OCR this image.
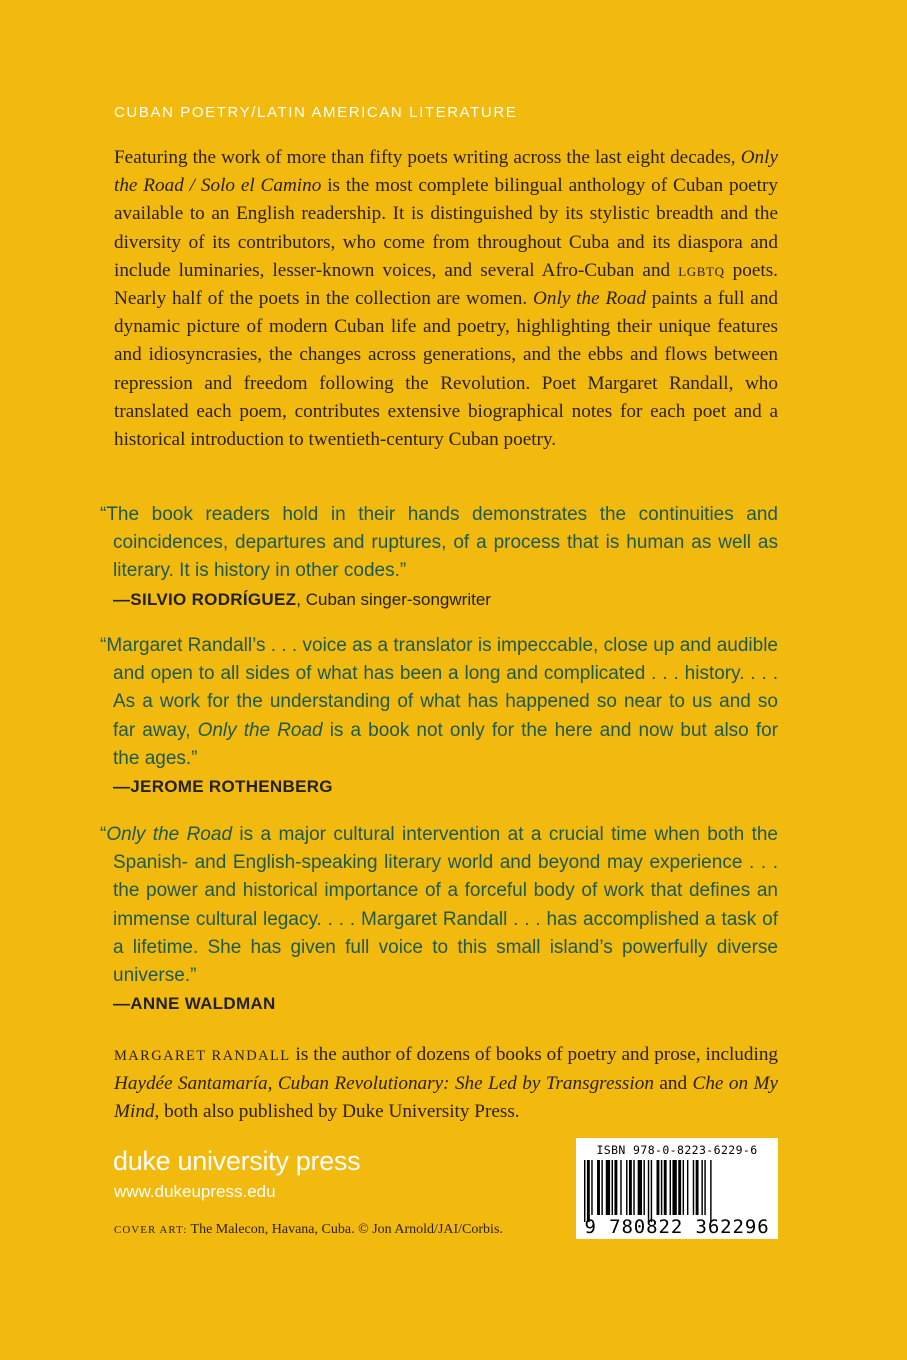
CUBAN POETRY/LATIN AMERICAN LITERATURE

Featuring the work of more than fifty poets writing across the last eight decades, Only the Road / Solo el Camino is the most complete bilingual anthology of Cuban poetry available to an English readership. It is distinguished by its stylistic breadth and the diversity of its contributors, who come from throughout Cuba and its diaspora and include luminaries, lesser-known voices, and several Afro-Cuban and lgbtq poets. Nearly half of the poets in the collection are women. Only the Road paints a full and dynamic picture of modern Cuban life and poetry, highlighting their unique features and idiosyncrasies, the changes across generations, and the ebbs and flows between repression and freedom following the Revolution. Poet Margaret Randall, who translated each poem, contributes extensive biographical notes for each poet and a historical introduction to twentieth-century Cuban poetry.

“The book readers hold in their hands demonstrates the continuities and coincidences, departures and ruptures, of a process that is human as well as literary. It is history in other codes.”

—SILVIO RODRÍGUEZ, Cuban singer-songwriter

“Margaret Randall’s . . . voice as a translator is impeccable, close up and audible and open to all sides of what has been a long and complicated . . . history. . . . As a work for the understanding of what has happened so near to us and so far away, Only the Road is a book not only for the here and now but also for the ages.”

—JEROME ROTHENBERG

“Only the Road is a major cultural intervention at a crucial time when both the Spanish- and English-speaking literary world and beyond may experience . . . the power and historical importance of a forceful body of work that defines an immense cultural legacy. . . . Margaret Randall . . . has accomplished a task of a lifetime. She has given full voice to this small island’s powerfully diverse universe.”

—ANNE WALDMAN

MARGARET RANDALL is the author of dozens of books of poetry and prose, including Haydée Santamaría, Cuban Revolutionary: She Led by Transgression and Che on My Mind, both also published by Duke University Press.
duke university press
www.dukeupress.edu
COVER ART: The Malecon, Havana, Cuba. © Jon Arnold/JAI/Corbis.
ISBN 978-0-8223-6229-6
9 780822 362296
